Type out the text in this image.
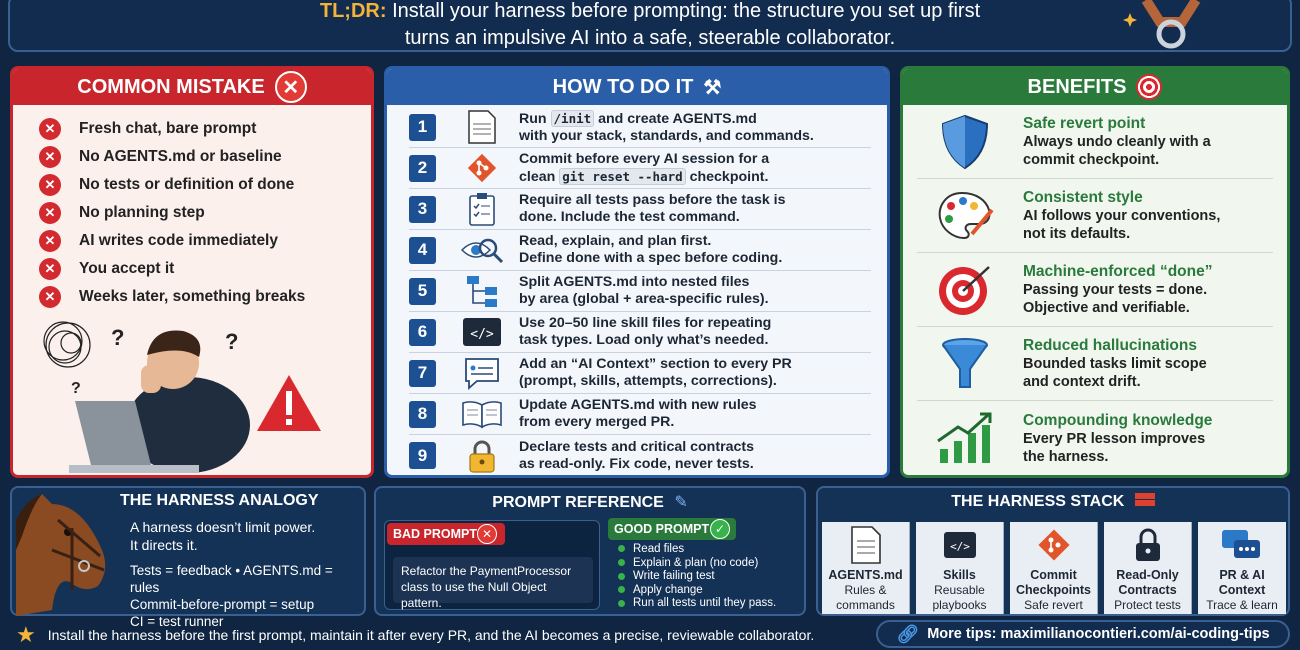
TL;DR: Install your harness before prompting: the structure you set up first
turns an impulsive AI into a safe, steerable collaborator.
COMMON MISTAKE ✕
✕	Fresh chat, bare prompt
✕	No AGENTS.md or baseline
✕	No tests or definition of done
✕	No planning step
✕	AI writes code immediately
✕	You accept it
✕	Weeks later, something breaks
?	?
?
HOW TO DO IT ⚒
1	Run /init and create AGENTS.md
with your stack, standards, and commands.
2	Commit before every AI session for a
clean git reset --hard checkpoint.
3	Require all tests pass before the task is
done. Include the test command.
4	Read, explain, and plan first.
Define done with a spec before coding.
5	Split AGENTS.md into nested files
by area (global + area-specific rules).
6	</>
Use 20–50 line skill files for repeating
task types. Load only what’s needed.
7	Add an “AI Context” section to every PR
(prompt, skills, attempts, corrections).
8	Update AGENTS.md with new rules
from every merged PR.
9	Declare tests and critical contracts
as read-only. Fix code, never tests.
BENEFITS
Safe revert point
Always undo cleanly with a
commit checkpoint.
Consistent style
AI follows your conventions,
not its defaults.
Machine-enforced “done”
Passing your tests = done.
Objective and verifiable.
Reduced hallucinations
Bounded tasks limit scope
and context drift.
Compounding knowledge
Every PR lesson improves
the harness.
THE HARNESS ANALOGY
A harness doesn’t limit power.
It directs it.
Tests = feedback • AGENTS.md = rules
Commit-before-prompt = setup
CI = test runner
PROMPT REFERENCE ✎
BAD PROMPT ✕
Refactor the PaymentProcessor
class to use the Null Object pattern.
GOOD PROMPT ✓
Read files
Explain & plan (no code)
Write failing test
Apply change
Run all tests until they pass.
THE HARNESS STACK
AGENTS.md
Rules &
commands
</>
Skills
Reusable
playbooks
Commit
Checkpoints
Safe revert
Read-Only
Contracts
Protect tests
PR & AI
Context
Trace & learn
★ Install the harness before the first prompt, maintain it after every PR, and the AI becomes a precise, reviewable collaborator.	🔗︎ More tips: maximilianocontieri.com/ai-coding-tips
